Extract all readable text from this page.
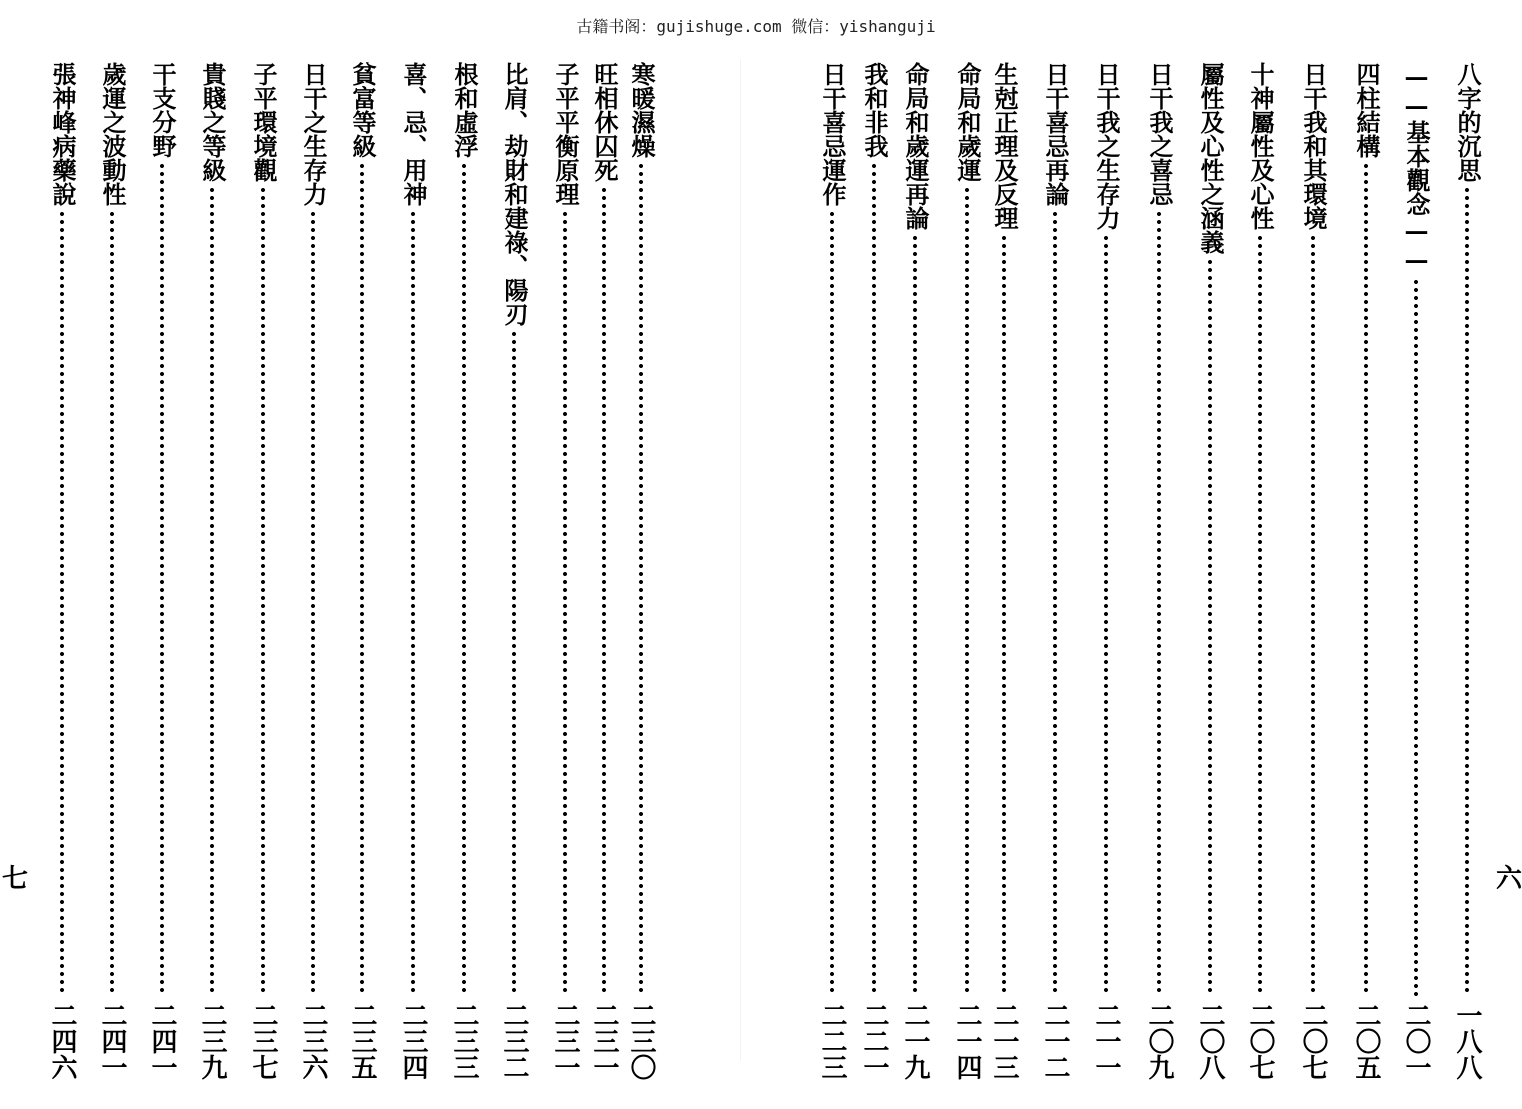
古籍书阁：gujishuge.com 微信：yishanguji
八字的沉思
一八八
——基本觀念——
二〇一
四柱結構
二〇五
日干我和其環境
二〇七
十神屬性及心性
二〇七
屬性及心性之涵義
二〇八
日干我之喜忌
二〇九
日干我之生存力
二一一
日干喜忌再論
二一二
生尅正理及反理
二一三
命局和歲運
二一四
命局和歲運再論
二一九
我和非我
二二一
日干喜忌運作
二二三
寒暖濕燥
二三〇
旺相休囚死
二三一
子平平衡原理
二三一
比肩、劫財和建祿、陽刃
二三二
根和虛浮
二三三
喜、忌、用神
二三四
貧富等級
二三五
日干之生存力
二三六
子平環境觀
二三七
貴賤之等級
二三九
干支分野
二四一
歲運之波動性
二四一
張神峰病藥說
二四六
七	六
